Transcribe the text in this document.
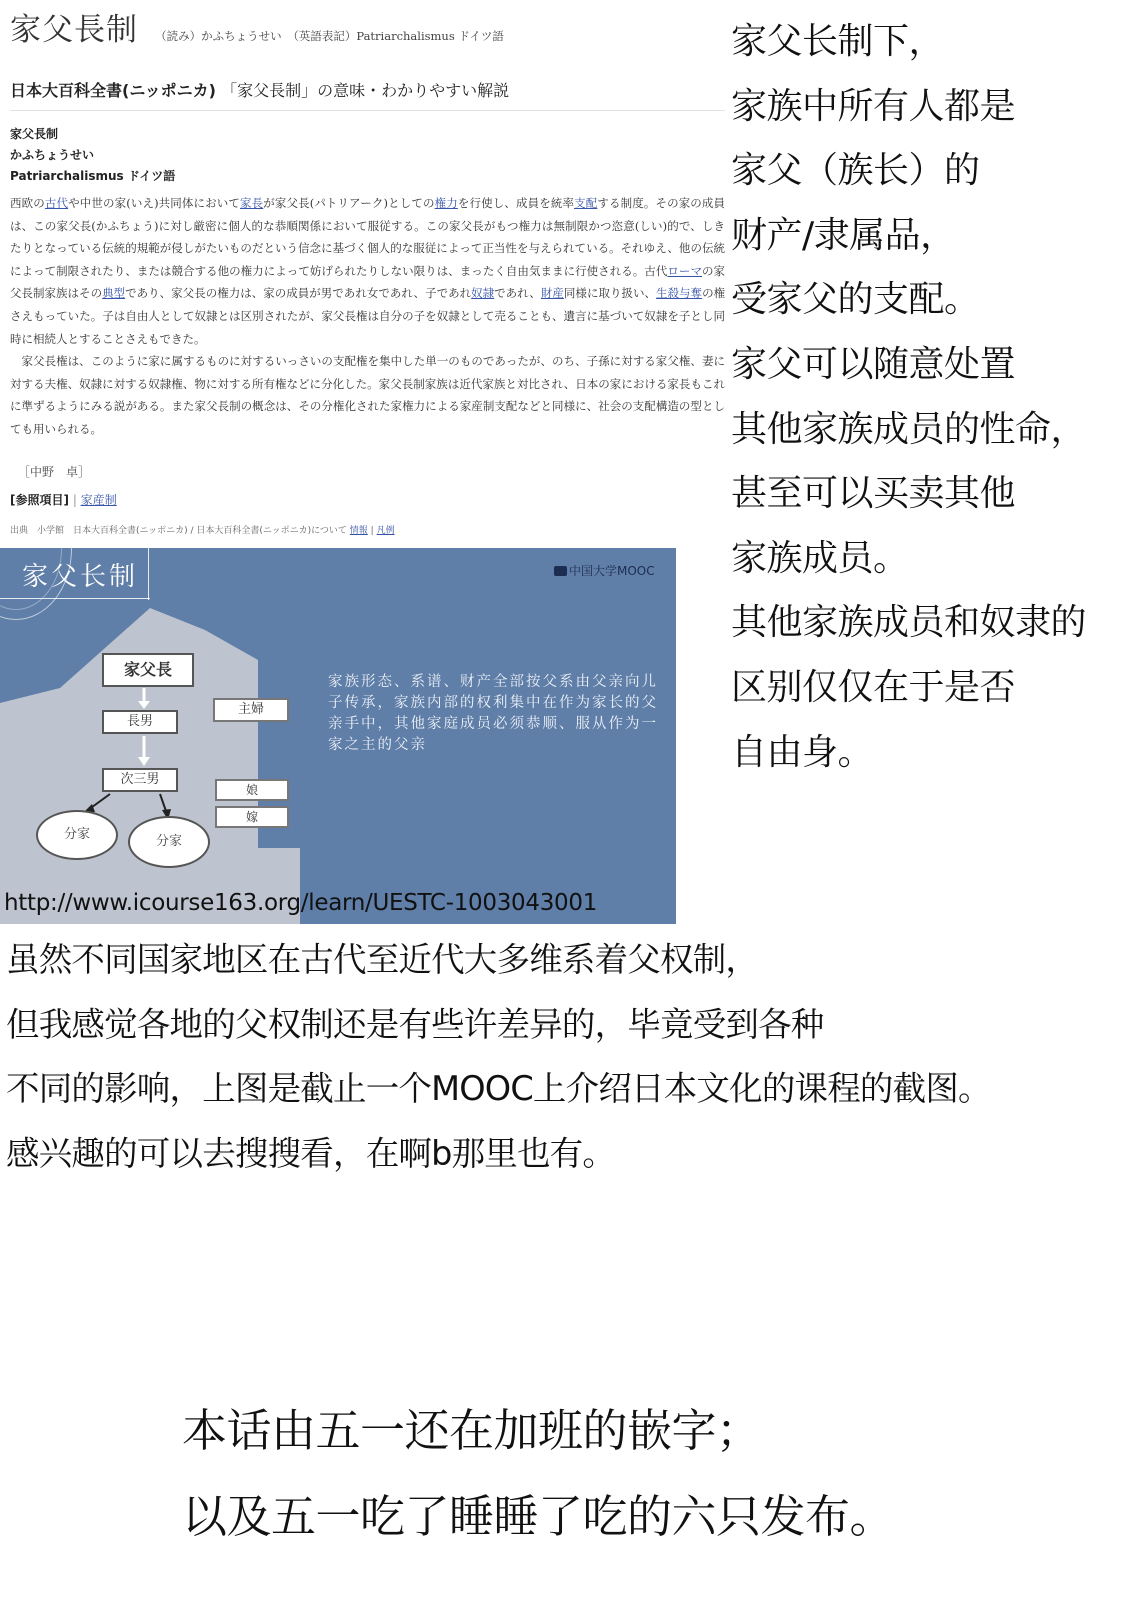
家父長制 （読み）かふちょうせい　（英語表記）Patriarchalismus ドイツ語
日本大百科全書(ニッポニカ) 「家父長制」の意味・わかりやすい解説
家父長制
かふちょうせい
Patriarchalismus ドイツ語

西欧の古代や中世の家(いえ)共同体において家長が家父長(パトリアーク)としての権力を行使し、成員を統率支配する制度。その家の成員は、この家父長(かふちょう)に対し厳密に個人的な恭順関係において服従する。この家父長がもつ権力は無制限かつ恣意(しい)的で、しきたりとなっている伝統的規範が侵しがたいものだという信念に基づく個人的な服従によって正当性を与えられている。それゆえ、他の伝統によって制限されたり、または競合する他の権力によって妨げられたりしない限りは、まったく自由気ままに行使される。古代ローマの家父長制家族はその典型であり、家父長の権力は、家の成員が男であれ女であれ、子であれ奴隷であれ、財産同様に取り扱い、生殺与奪の権さえもっていた。子は自由人として奴隷とは区別されたが、家父長権は自分の子を奴隷として売ることも、遺言に基づいて奴隷を子とし同時に相続人とすることさえもできた。

家父長権は、このように家に属するものに対するいっさいの支配権を集中した単一のものであったが、のち、子孫に対する家父権、妻に対する夫権、奴隷に対する奴隷権、物に対する所有権などに分化した。家父長制家族は近代家族と対比され、日本の家における家長もこれに準ずるようにみる説がある。また家父長制の概念は、その分権化された家権力による家産制支配などと同様に、社会の支配構造の型としても用いられる。

［中野　卓］
[参照項目] | 家産制
出典　小学館　日本大百科全書(ニッポニカ) / 日本大百科全書(ニッポニカ)について 情報 | 凡例
家父长制	中国大学MOOC
家父長
長男
次三男
主婦
娘
嫁
分家	分家
家族形态、系谱、财产全部按父系由父亲向儿子传承，家族内部的权利集中在作为家长的父亲手中，其他家庭成员必须恭顺、服从作为一家之主的父亲
http://www.icourse163.org/learn/UESTC-1003043001
家父长制下，
家族中所有人都是
家父（族长）的
财产/隶属品，
受家父的支配。
家父可以随意处置
其他家族成员的性命，
甚至可以买卖其他
家族成员。
其他家族成员和奴隶的
区别仅仅在于是否
自由身。
虽然不同国家地区在古代至近代大多维系着父权制，
但我感觉各地的父权制还是有些许差异的，毕竟受到各种
不同的影响，上图是截止一个MOOC上介绍日本文化的课程的截图。
感兴趣的可以去搜搜看，在啊b那里也有。
本话由五一还在加班的嵌字；
以及五一吃了睡睡了吃的六只发布。
